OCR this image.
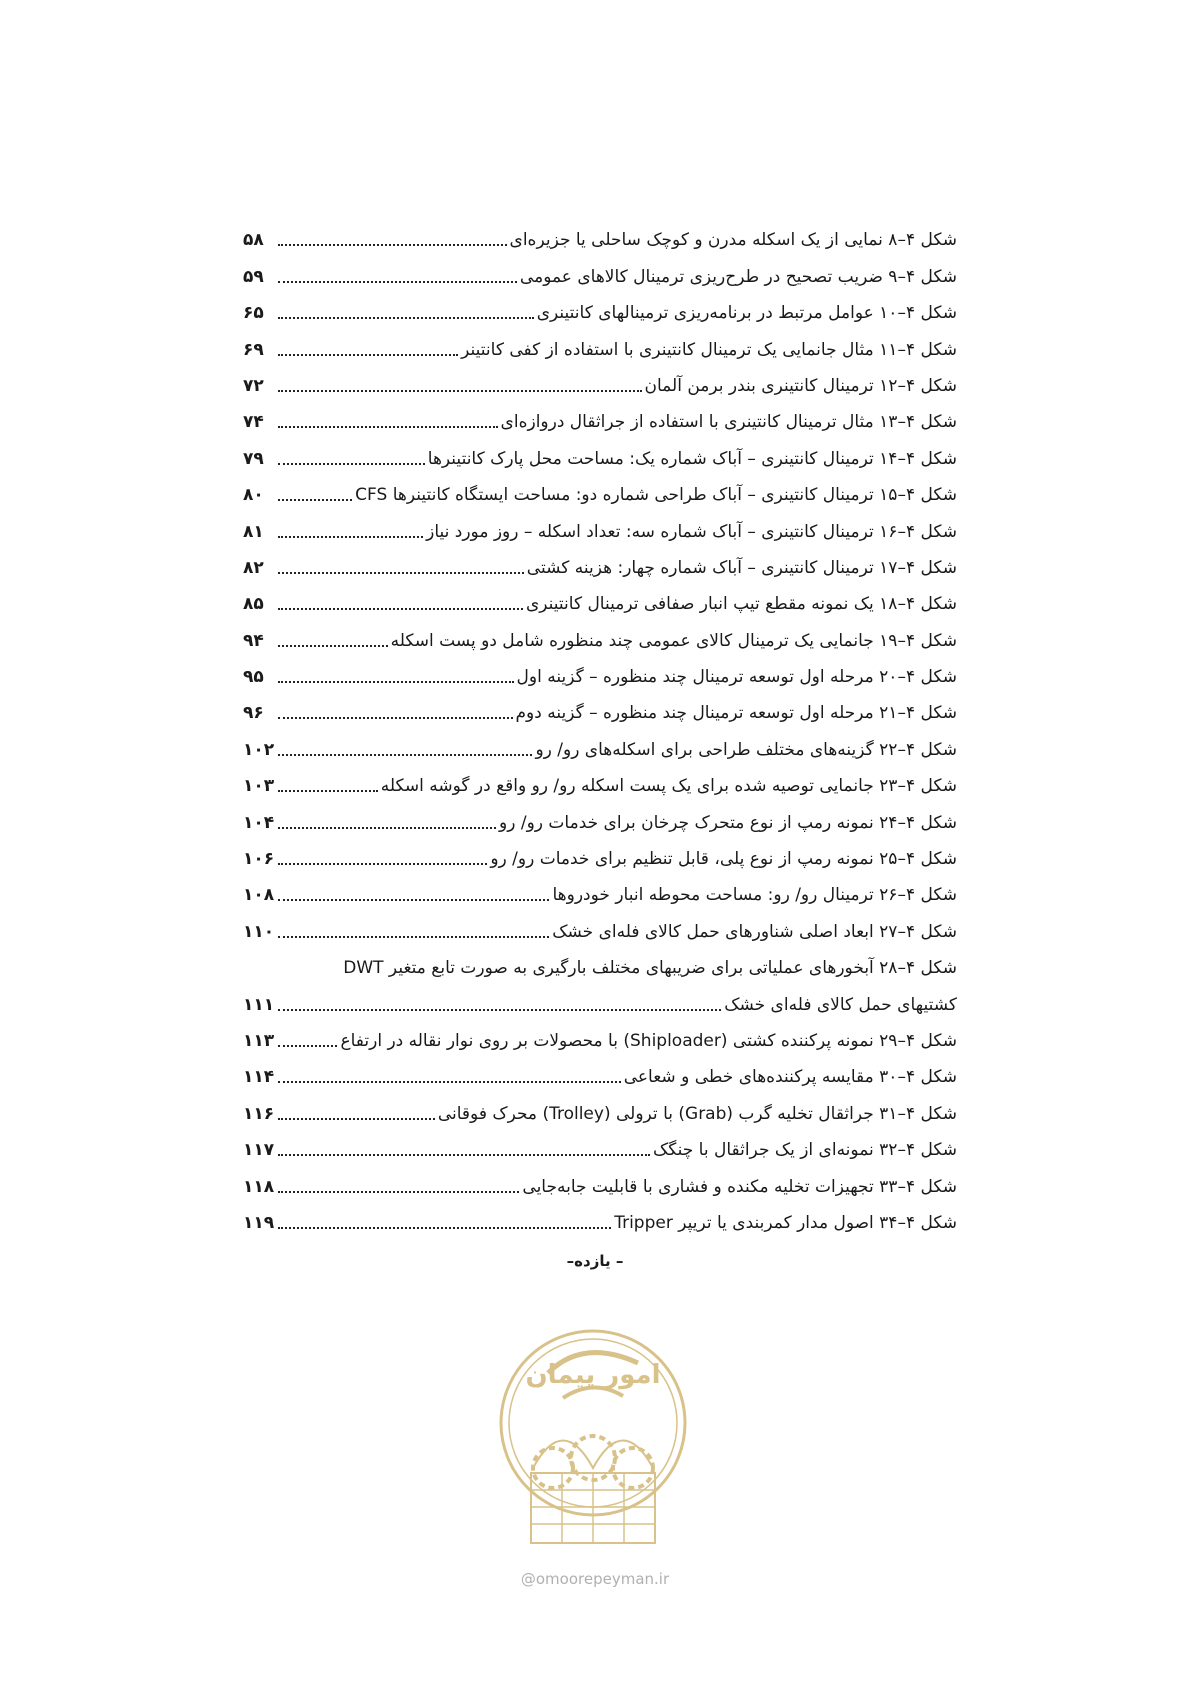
شکل ۴–۸ نمایی از یک اسکله مدرن و کوچک ساحلی یا جزیره‌ای
۵۸
شکل ۴–۹ ضریب تصحیح در طرح‌ریزی ترمینال کالاهای عمومی
۵۹
شکل ۴–۱۰ عوامل مرتبط در برنامه‌ریزی ترمینالهای کانتینری
۶۵
شکل ۴–۱۱ مثال جانمایی یک ترمینال کانتینری با استفاده از کفی کانتینر
۶۹
شکل ۴–۱۲ ترمینال کانتینری بندر برمن آلمان
۷۲
شکل ۴–۱۳ مثال ترمینال کانتینری با استفاده از جراثقال دروازه‌ای
۷۴
شکل ۴–۱۴ ترمینال کانتینری – آباک شماره یک: مساحت محل پارک کانتینرها
۷۹
شکل ۴–۱۵ ترمینال کانتینری – آباک طراحی شماره دو: مساحت ایستگاه کانتینرها CFS
۸۰
شکل ۴–۱۶ ترمینال کانتینری – آباک شماره سه: تعداد اسکله – روز مورد نیاز
۸۱
شکل ۴–۱۷ ترمینال کانتینری – آباک شماره چهار: هزینه کشتی
۸۲
شکل ۴–۱۸ یک نمونه مقطع تیپ انبار صفافی ترمینال کانتینری
۸۵
شکل ۴–۱۹ جانمایی یک ترمینال کالای عمومی چند منظوره شامل دو پست اسکله
۹۴
شکل ۴–۲۰ مرحله اول توسعه ترمینال چند منظوره – گزینه اول
۹۵
شکل ۴–۲۱ مرحله اول توسعه ترمینال چند منظوره – گزینه دوم
۹۶
شکل ۴–۲۲ گزینه‌های مختلف طراحی برای اسکله‌های رو/ رو
۱۰۲
شکل ۴–۲۳ جانمایی توصیه شده برای یک پست اسکله رو/ رو واقع در گوشه اسکله
۱۰۳
شکل ۴–۲۴ نمونه رمپ از نوع متحرک چرخان برای خدمات رو/ رو
۱۰۴
شکل ۴–۲۵ نمونه رمپ از نوع پلی، قابل تنظیم برای خدمات رو/ رو
۱۰۶
شکل ۴–۲۶ ترمینال رو/ رو: مساحت محوطه انبار خودروها
۱۰۸
شکل ۴–۲۷ ابعاد اصلی شناورهای حمل کالای فله‌ای خشک
۱۱۰
شکل ۴–۲۸ آبخورهای عملیاتی برای ضریبهای مختلف بارگیری به صورت تابع متغیر DWT
کشتیهای حمل کالای فله‌ای خشک
۱۱۱
شکل ۴–۲۹ نمونه پرکننده کشتی (Shiploader) با محصولات بر روی نوار نقاله در ارتفاع
۱۱۳
شکل ۴–۳۰ مقایسه پرکننده‌های خطی و شعاعی
۱۱۴
شکل ۴–۳۱ جراثقال تخلیه گرب (Grab) با ترولی (Trolley) محرک فوقانی
۱۱۶
شکل ۴–۳۲ نمونه‌ای از یک جراثقال با چنگک
۱۱۷
شکل ۴–۳۳ تجهیزات تخلیه مکنده و فشاری با قابلیت جابه‌جایی
۱۱۸
شکل ۴–۳۴ اصول مدار کمربندی یا تریپر Tripper
۱۱۹
– یازده–
امور پیمان
@omoorepeyman.ir
